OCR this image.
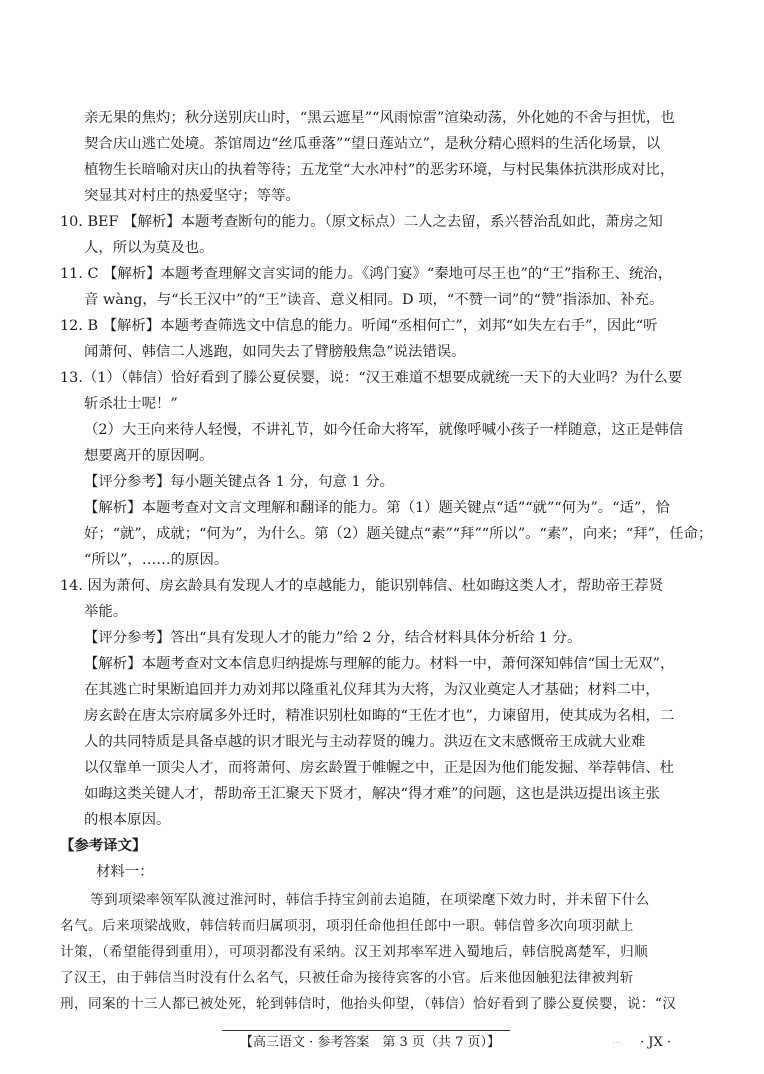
亲无果的焦灼；秋分送别庆山时，“黑云遮星”“风雨惊雷”渲染动荡，外化她的不舍与担忧，也
契合庆山逃亡处境。茶馆周边“丝瓜垂落”“望日莲站立”，是秋分精心照料的生活化场景，以
植物生长暗喻对庆山的执着等待；五龙堂“大水冲村”的恶劣环境，与村民集体抗洪形成对比，
突显其对村庄的热爱坚守；等等。
10. BEF 【解析】本题考查断句的能力。（原文标点）二人之去留，系兴替治乱如此，萧房之知
人，所以为莫及也。
11. C 【解析】本题考查理解文言实词的能力。《鸿门宴》“秦地可尽王也”的“王”指称王、统治，
音 wàng，与“长王汉中”的“王”读音、意义相同。D 项，“不赞一词”的“赞”指添加、补充。
12. B 【解析】本题考查筛选文中信息的能力。听闻“丞相何亡”，刘邦“如失左右手”，因此“听
闻萧何、韩信二人逃跑，如同失去了臂膀般焦急”说法错误。
13.（1）（韩信）恰好看到了滕公夏侯婴，说：“汉王难道不想要成就统一天下的大业吗？为什么要
斩杀壮士呢！”
（2）大王向来待人轻慢，不讲礼节，如今任命大将军，就像呼喊小孩子一样随意，这正是韩信
想要离开的原因啊。
【评分参考】每小题关键点各 1 分，句意 1 分。
【解析】本题考查对文言文理解和翻译的能力。第（1）题关键点“适”“就”“何为”。“适”，恰
好；“就”，成就；“何为”，为什么。第（2）题关键点“素”“拜”“所以”。“素”，向来；“拜”，任命；
“所以”，……的原因。
14. 因为萧何、房玄龄具有发现人才的卓越能力，能识别韩信、杜如晦这类人才，帮助帝王荐贤
举能。
【评分参考】答出“具有发现人才的能力”给 2 分，结合材料具体分析给 1 分。
【解析】本题考查对文本信息归纳提炼与理解的能力。材料一中，萧何深知韩信“国士无双”，
在其逃亡时果断追回并力劝刘邦以隆重礼仪拜其为大将，为汉业奠定人才基础；材料二中，
房玄龄在唐太宗府属多外迁时，精准识别杜如晦的“王佐才也”，力谏留用，使其成为名相，二
人的共同特质是具备卓越的识才眼光与主动荐贤的魄力。洪迈在文末感慨帝王成就大业难
以仅靠单一顶尖人才，而将萧何、房玄龄置于帷幄之中，正是因为他们能发掘、举荐韩信、杜
如晦这类关键人才，帮助帝王汇聚天下贤才，解决“得才难”的问题，这也是洪迈提出该主张
的根本原因。
【参考译文】
材料一：
等到项梁率领军队渡过淮河时，韩信手持宝剑前去追随，在项梁麾下效力时，并未留下什么
名气。后来项梁战败，韩信转而归属项羽，项羽任命他担任郎中一职。韩信曾多次向项羽献上
计策，（希望能得到重用），可项羽都没有采纳。汉王刘邦率军进入蜀地后，韩信脱离楚军，归顺
了汉王，由于韩信当时没有什么名气，只被任命为接待宾客的小官。后来他因触犯法律被判斩
刑，同案的十三人都已被处死，轮到韩信时，他抬头仰望，（韩信）恰好看到了滕公夏侯婴，说：“汉
【高三语文 · 参考答案　第 3 页（共 7 页）】	... · JX ·
